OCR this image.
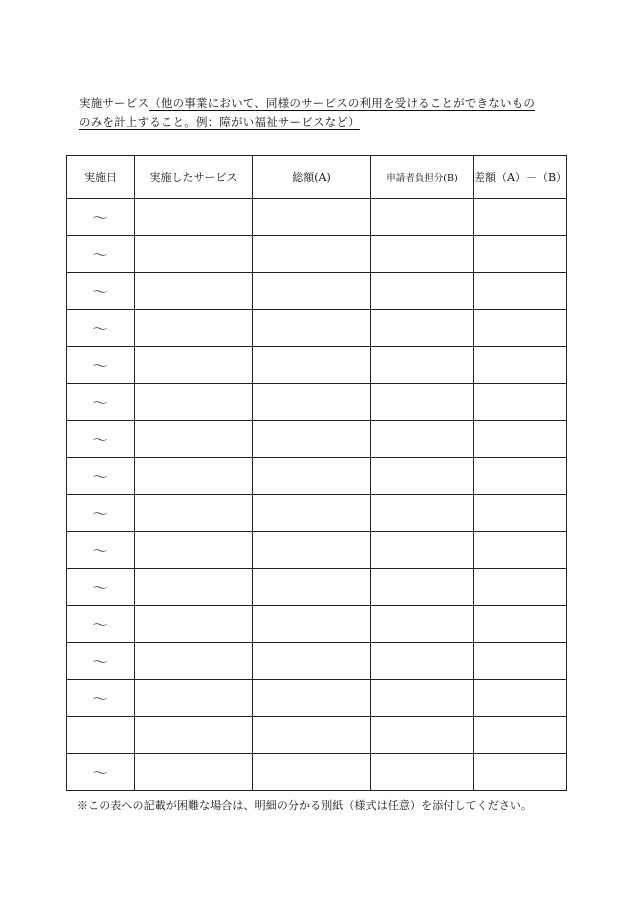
実施サービス（他の事業において、同様のサービスの利用を受けることができないもの
のみを計上すること。例：障がい福祉サービスなど）
実施日	実施したサービス	総額(A)	申請者負担分(B)	差額（A）－（B）
～				
～				
～				
～				
～				
～				
～				
～				
～				
～				
～				
～				
～				
～				

～				
※この表への記載が困難な場合は、明細の分かる別紙（様式は任意）を添付してください。
